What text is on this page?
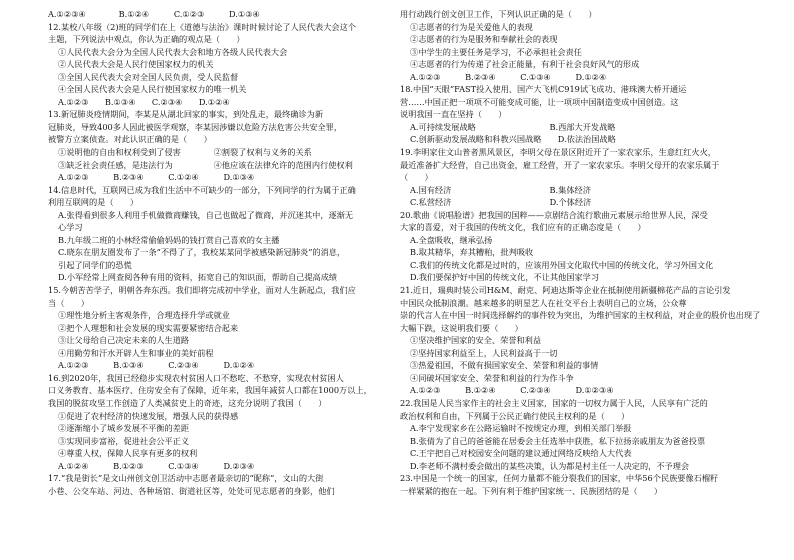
A.①②③④　　　　B.①②④　　　C.①②③　　　D.①③④
12.某校八年级（2)班的同学们在上《道德与法治》课时时候讨论了人民代表大会这个
主题，下列说法中观点，你认为正确的观点是（　　）
①人民代表大会分为全国人民代表大会和地方各级人民代表大会
②人民代表大会是人民行使国家权力的机关
③全国人民代表大会对全国人民负责，受人民监督
④全国人民代表大会是人民行使国家权力的唯一机关
A.①②③　　B.①③④　　C.②③④　　D.①②④
13.新冠肺炎疫情期间，李某是从湖北回家的事实，到处乱走，最终确诊为新
冠肺炎，导致400多人因此被医学观察，李某因涉嫌以危险方法危害公共安全罪，
被警方立案侦查。对此认识正确的是（　　）
①说明他的自由和权利受到了侵害　　　　②割裂了权利与义务的关系
③缺乏社会责任感，是违法行为　　　　　④他应该在法律允许的范围内行使权利
A.①②③　　　B.②③④　　　C.①②④　　　D.①③④
14.信息时代，互联网已成为我们生活中不可缺少的一部分，下列同学的行为属于正确
利用互联网的是（　　）
A.张得看到很多人利用手机做微商赚钱，自己也做起了微商，并沉迷其中，逐渐无
心学习
B.九年级二班的小林经常偷偷妈妈的钱打赏自己喜欢的女主播
C.晓东在朋友圈发布了一条“不得了了，我校某某同学被感染新冠肺炎”的消息，
引起了同学们的恐慌
D.小军经常上网查阅各种有用的资料，拓宽自己的知识面，帮助自己提高成绩
15.今朝苦苦学子，明朝各奔东西。我们即将完成初中学业，面对人生新起点，我们应
当（　　）
①理性地分析主客观条件，合理选择升学或就业
②把个人理想和社会发展的现实需要紧密结合起来
③让父母给自己决定未来的人生道路
④用勤劳和汗水开辟人生和事业的美好前程
A.①②③　　　B.①③④　　　C.②③④　　　D.①②④
16.到2020年，我国已经稳步实现农村贫困人口不愁吃、不愁穿，实现农村贫困人
口义务教育、基本医疗、住房安全有了保障，近年来，我国年减贫人口都在1000万以上，
我国的脱贫攻坚工作创造了人类减贫史上的奇迹，这充分说明了我国（　　）
①促进了农村经济的快速发展，增强人民的获得感
②逐渐缩小了城乡发展不平衡的差距
③实现同步富裕，促进社会公平正义
④尊重人权，保障人民享有更多的权利
A.①②④　　　B.①②③　　　C.①③④　　　D.②③④
17.“我是街长”是文山州创文创卫活动中志愿者最亲切的“昵称”，文山的大街
小巷、公交车站、河边、各种场馆、街道社区等，处处可见志愿者的身影，他们
用行动践行创文创卫工作，下列认识正确的是（　　）
①志愿者的行为是关爱他人的表现
②志愿者的行为是服务和奉献社会的表现
③中学生的主要任务是学习，不必承担社会责任
④志愿者的行为传递了社会正能量，有利于社会良好风气的形成
A.①②③　　　B.②③④　　　C.①③④　　　D.①②④
18.中国“天眼”FAST投入使用、国产大飞机C919试飞成功、港珠澳大桥开通运
营……中国正把一项项不可能变成可能，让一项项中国制造变成中国创造。这
说明我国一直在坚持（　　）
A.可持续发展战略　　　　　　　　　B.西部大开发战略
C.创新驱动发展战略和科教兴国战略　　D.依法治国战略
19.李明家住文山普者黑风景区，李明父母在景区附近开了一家农家乐，生意红红火火，
最近准备扩大经营，自己出资金，雇工经营，开了一家农家乐。李明父母开的农家乐属于
（　　）
A.国有经济　　　　　　　　　　　　B.集体经济
C.私营经济　　　　　　　　　　　　D.个体经济
20.歌曲《说唱脸谱》把我国的国粹——京剧结合流行歌曲元素展示给世界人民，深受
大家的喜爱，对于我国的传统文化，我们应有的正确态度是（　　）
A.全盘吸收，继承弘扬
B.取其精华，弃其糟粕，批判吸收
C.我们的传统文化都是过时的，应该用外国文化取代中国的传统文化，学习外国文化
D.我们要保护好中国的传统文化，不让其他国家学习
21.近日，瑞典时装公司H&M、耐克、阿迪达斯等企业在抵制使用新疆棉花产品的言论引发
中国民众抵制浪潮。越来越多的明星艺人在社交平台上表明自己的立场，公众尊
崇的代言人在中国一时间选择解约的事件较为突出，为维护国家的主权利益，对企业的股价也出现了
大幅下跌，这说明我们要（　　）
①坚决维护国家的安全、荣誉和利益
②坚持国家利益至上，人民利益高于一切
③热爱祖国，不做有损国家安全、荣誉和利益的事情
④同破坏国家安全、荣誉和利益的行为作斗争
A.①②③　　　B.①②④　　　C.②③④　　　D.①②③④
22.我国是人民当家作主的社会主义国家，国家的一切权力属于人民，人民享有广泛的
政治权利和自由，下列属于公民正确行使民主权利的是（　　）
A.李宁发现家乡在公路运输时不按规定办理，到相关部门举报
B.张倩为了自己的爸爸能在居委会主任选举中获胜，私下拉扬亲戚朋友为爸爸投票
C.王宇把自己对校园安全问题的建议通过网络反映给人大代表
D.李老师不满村委会做出的某些决策，认为都是村主任一人决定的，不予理会
23.中国是一个统一的国家，任何力量都不能分裂我们的国家，中华56个民族要像石榴籽
一样紧紧的抱在一起。下列有利于维护国家统一、民族团结的是（　　）
